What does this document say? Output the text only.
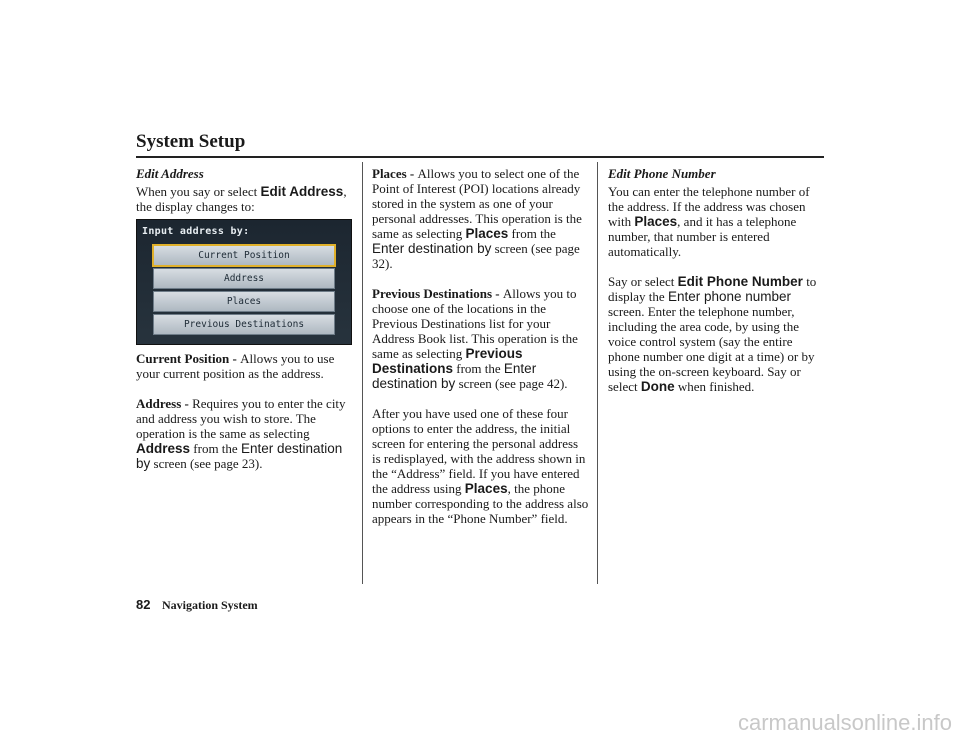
System Setup

Edit Address

When you say or select Edit Address,
the display changes to:

Input address by:
Current Position
Address
Places
Previous Destinations

Current Position - Allows you to use your current position as the address.

Address - Requires you to enter the city and address you wish to store. The operation is the same as selecting Address from the Enter destination by screen (see page 23).

Places - Allows you to select one of the Point of Interest (POI) locations already stored in the system as one of your personal addresses. This operation is the same as selecting Places from the Enter destination by screen (see page 32).

Previous Destinations - Allows you to choose one of the locations in the Previous Destinations list for your Address Book list. This operation is the same as selecting Previous Destinations from the Enter destination by screen (see page 42).

After you have used one of these four options to enter the address, the initial screen for entering the personal address is redisplayed, with the address shown in the “Address” field. If you have entered the address using Places, the phone number corresponding to the address also appears in the “Phone Number” field.

Edit Phone Number

You can enter the telephone number of the address. If the address was chosen with Places, and it has a telephone number, that number is entered automatically.

Say or select Edit Phone Number to display the Enter phone number screen. Enter the telephone number, including the area code, by using the voice control system (say the entire phone number one digit at a time) or by using the on-screen keyboard. Say or select Done when finished.

82 Navigation System
carmanualsonline.info
